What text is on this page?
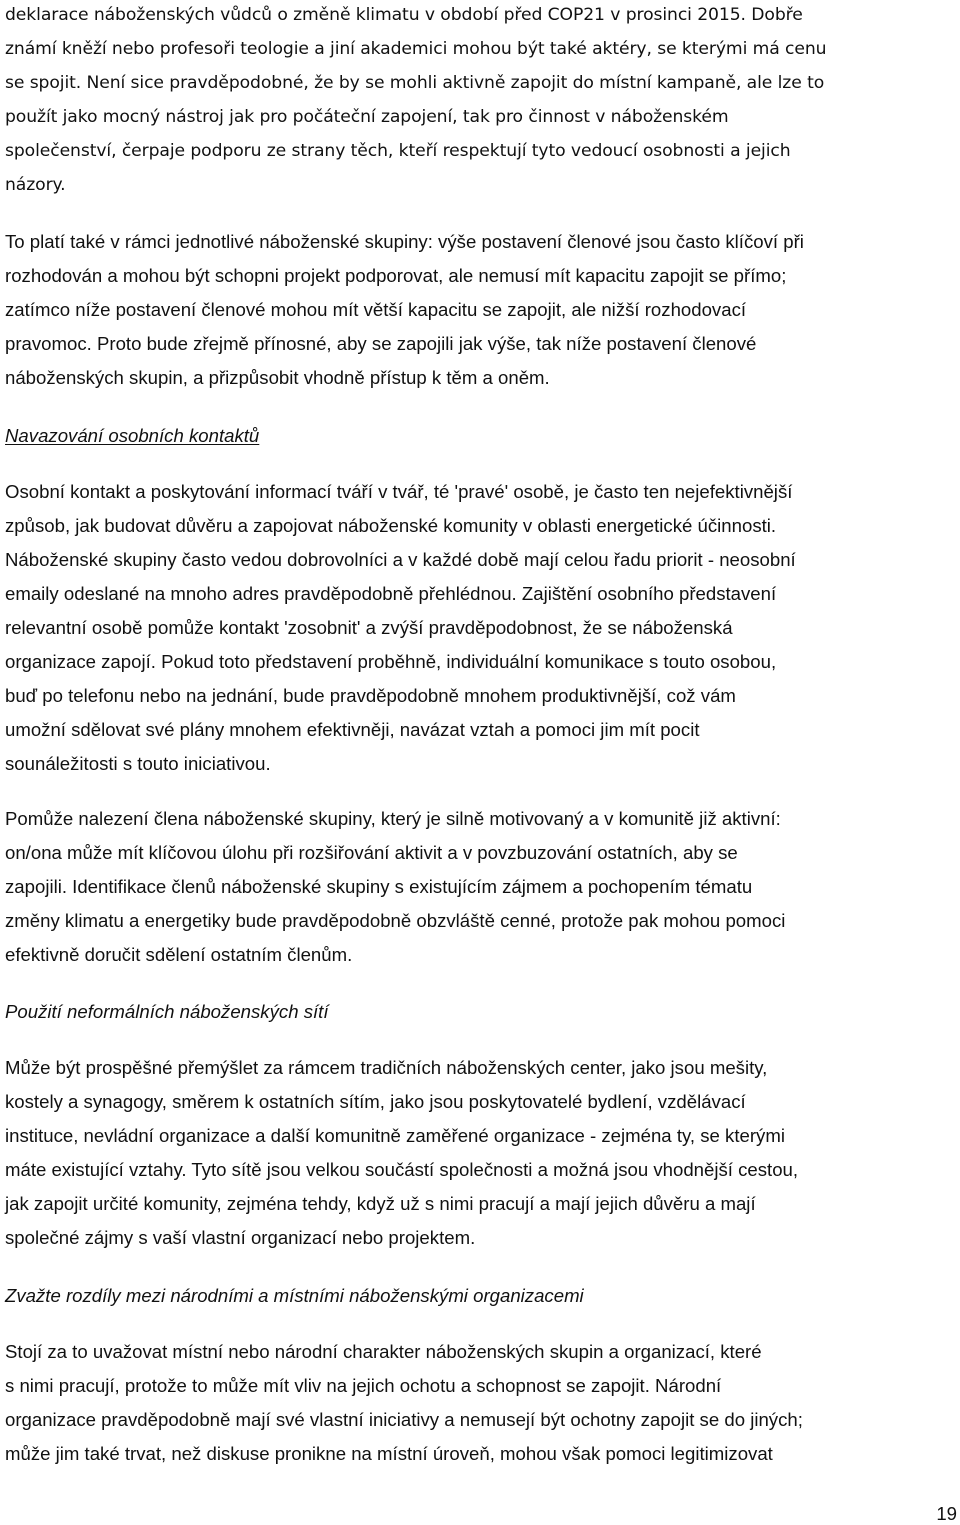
deklarace náboženských vůdců o změně klimatu v období před COP21 v prosinci 2015. Dobře
známí kněží nebo profesoři teologie a jiní akademici mohou být také aktéry, se kterými má cenu
se spojit. Není sice pravděpodobné, že by se mohli aktivně zapojit do místní kampaně, ale lze to
použít jako mocný nástroj jak pro počáteční zapojení, tak pro činnost v náboženském
společenství, čerpaje podporu ze strany těch, kteří respektují tyto vedoucí osobnosti a jejich
názory.
To platí také v rámci jednotlivé náboženské skupiny: výše postavení členové jsou často klíčoví při
rozhodován a mohou být schopni projekt podporovat, ale nemusí mít kapacitu zapojit se přímo;
zatímco níže postavení členové mohou mít větší kapacitu se zapojit, ale nižší rozhodovací
pravomoc. Proto bude zřejmě přínosné, aby se zapojili jak výše, tak níže postavení členové
náboženských skupin, a přizpůsobit vhodně přístup k těm a oněm.
Navazování osobních kontaktů
Osobní kontakt a poskytování informací tváří v tvář, té 'pravé' osobě, je často ten nejefektivnější
způsob, jak budovat důvěru a zapojovat náboženské komunity v oblasti energetické účinnosti.
Náboženské skupiny často vedou dobrovolníci a v každé době mají celou řadu priorit - neosobní
emaily odeslané na mnoho adres pravděpodobně přehlédnou. Zajištění osobního představení
relevantní osobě pomůže kontakt 'zosobnit' a zvýší pravděpodobnost, že se náboženská
organizace zapojí. Pokud toto představení proběhně, individuální komunikace s touto osobou,
buď po telefonu nebo na jednání, bude pravděpodobně mnohem produktivnější, což vám
umožní sdělovat své plány mnohem efektivněji, navázat vztah a pomoci jim mít pocit
sounáležitosti s touto iniciativou.
Pomůže nalezení člena náboženské skupiny, který je silně motivovaný a v komunitě již aktivní:
on/ona může mít klíčovou úlohu při rozšiřování aktivit a v povzbuzování ostatních, aby se
zapojili. Identifikace členů náboženské skupiny s existujícím zájmem a pochopením tématu
změny klimatu a energetiky bude pravděpodobně obzvláště cenné, protože pak mohou pomoci
efektivně doručit sdělení ostatním členům.
Použití neformálních náboženských sítí
Může být prospěšné přemýšlet za rámcem tradičních náboženských center, jako jsou mešity,
kostely a synagogy, směrem k ostatních sítím, jako jsou poskytovatelé bydlení, vzdělávací
instituce, nevládní organizace a další komunitně zaměřené organizace - zejména ty, se kterými
máte existující vztahy. Tyto sítě jsou velkou součástí společnosti a možná jsou vhodnější cestou,
jak zapojit určité komunity, zejména tehdy, když už s nimi pracují a mají jejich důvěru a mají
společné zájmy s vaší vlastní organizací nebo projektem.
Zvažte rozdíly mezi národními a místními náboženskými organizacemi
Stojí za to uvažovat místní nebo národní charakter náboženských skupin a organizací, které
s nimi pracují, protože to může mít vliv na jejich ochotu a schopnost se zapojit. Národní
organizace pravděpodobně mají své vlastní iniciativy a nemusejí být ochotny zapojit se do jiných;
může jim také trvat, než diskuse pronikne na místní úroveň, mohou však pomoci legitimizovat
19
